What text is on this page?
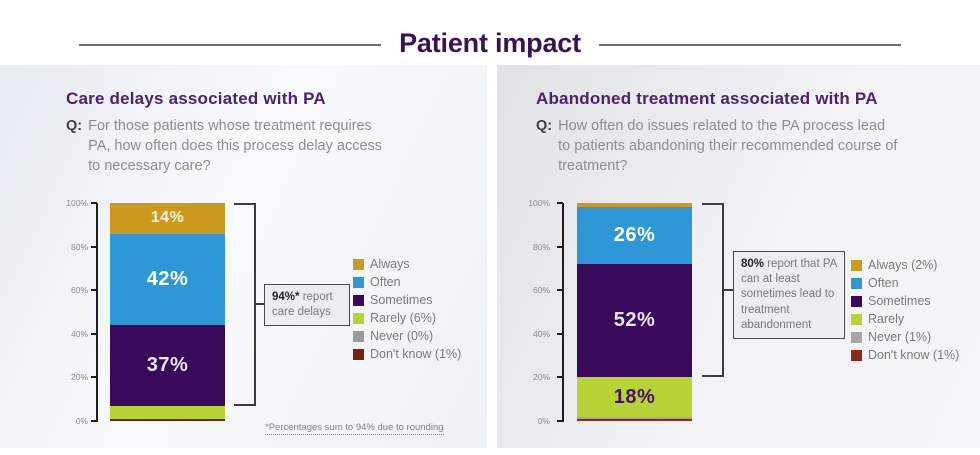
Patient impact
Care delays associated with PA
Q: For those patients whose treatment requires PA, how often does this process delay access to necessary care?

0%
20%
40%
60%
80%
100%
14%
42%
37%
94%* report care delays
Always
Often
Sometimes
Rarely (6%)
Never (0%)
Don't know (1%)
*Percentages sum to 94% due to rounding
Abandoned treatment associated with PA
Q: How often do issues related to the PA process lead to patients abandoning their recommended course of treatment?

0%
20%
40%
60%
80%
100%
26%
52%
18%
80% report that PA can at least sometimes lead to treatment abandonment
Always (2%)
Often
Sometimes
Rarely
Never (1%)
Don't know (1%)
